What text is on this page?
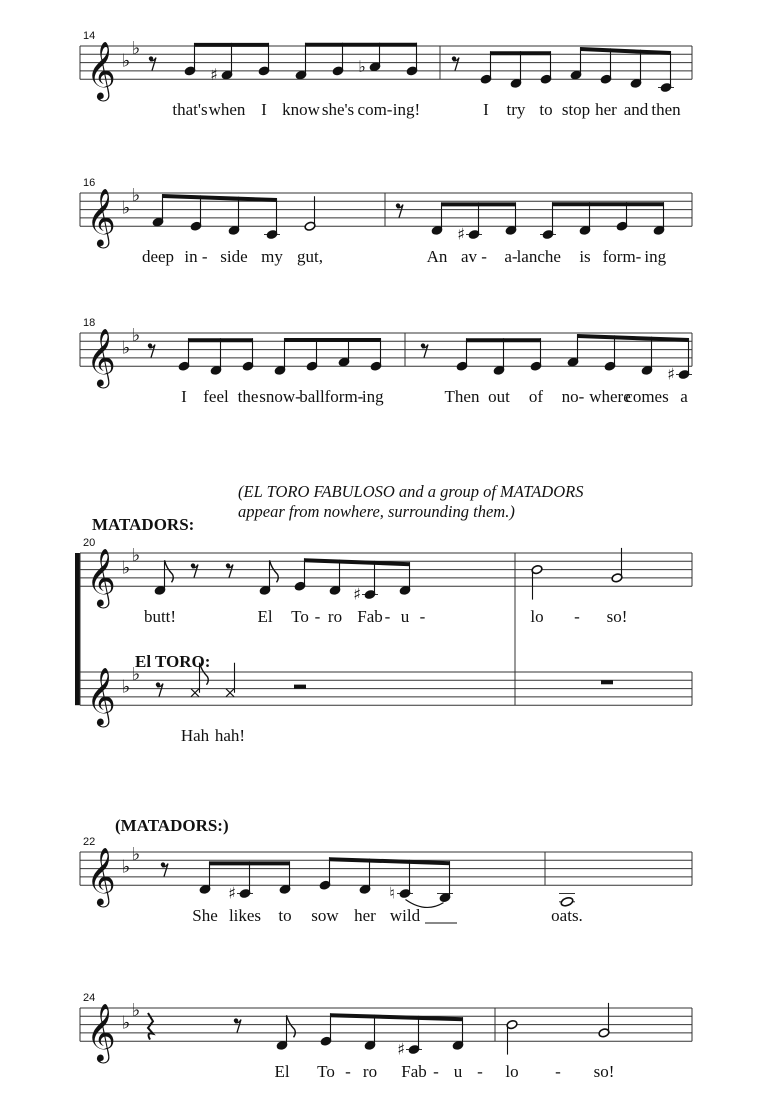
14
𝄞 ♭
♭
♯	♭
that's when I know she's com- ing!	I try to stop her and then
16
𝄞 ♭
♭
deep in - side my gut,
♯
An av - a-
lanche is form- ing
18
𝄞 ♭
♭
I feel the snow-
ball form-
ing
♯
Then out of no- where
comes a
20
𝄞 ♭
♭
♯
butt!	El To - ro Fab - u -	lo - so!
𝄞 ♭
♭
Hah hah!
22
𝄞 ♭
♭
♯	♮
She likes to sow her wild	oats.
24
𝄞 ♭
♭
♯
El To - ro Fab - u - lo - so!
(EL TORO FABULOSO and a group of MATADORS
appear from nowhere, surrounding them.)
MATADORS:
El TORO:
(MATADORS:)
